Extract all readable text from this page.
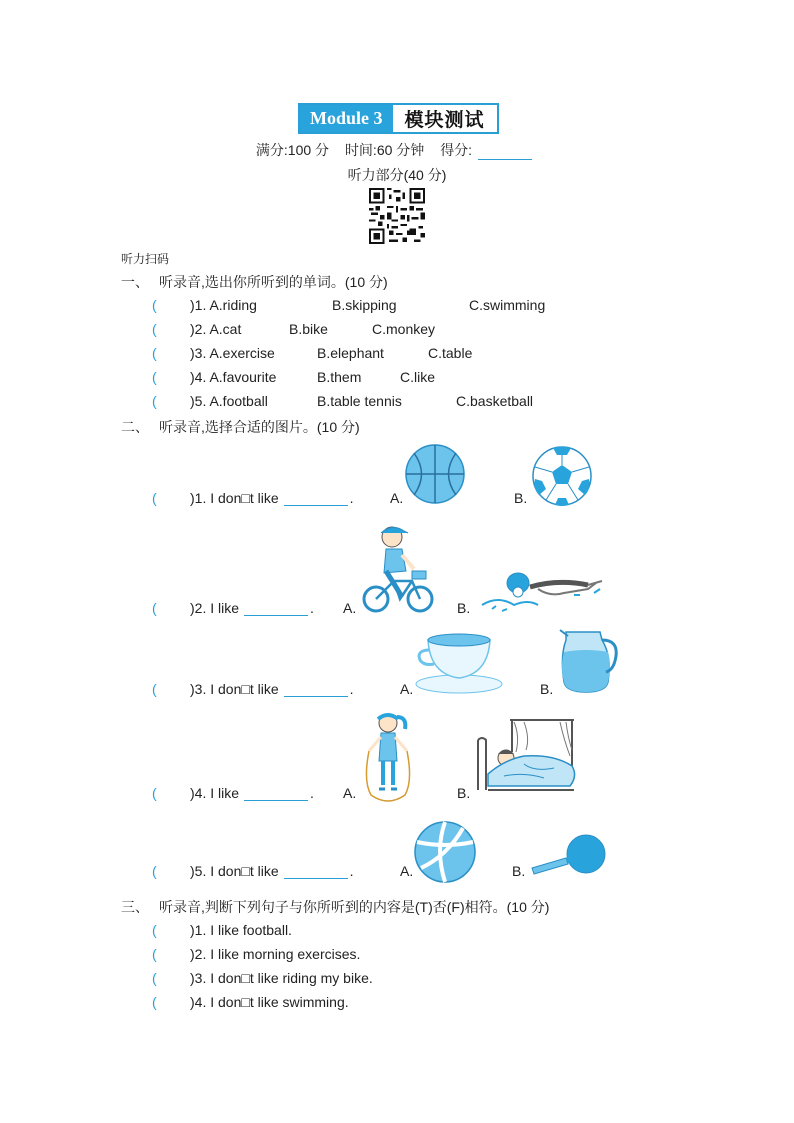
Module 3	模块测试
满分:100 分 时间:60 分钟 得分:
听力部分(40 分)
听力扫码
一、 听录音,选出你所听到的单词。(10 分)
( )1. A.riding	B.skipping	C.swimming
( )2. A.cat	B.bike	C.monkey
( )3. A.exercise	B.elephant	C.table
( )4. A.favourite	B.them	C.like
( )5. A.football	B.table tennis	C.basketball
二、 听录音,选择合适的图片。(10 分)
( )1. I don□t like	.	A.	B.
( )2. I like	. A.	B.
( )3. I don□t like	.	A.	B.
( )4. I like	. A.	B.
( )5. I don□t like	.	A.	B.
三、 听录音,判断下列句子与你所听到的内容是(T)否(F)相符。(10 分)
( )1. I like football.
( )2. I like morning exercises.
( )3. I don□t like riding my bike.
( )4. I don□t like swimming.
